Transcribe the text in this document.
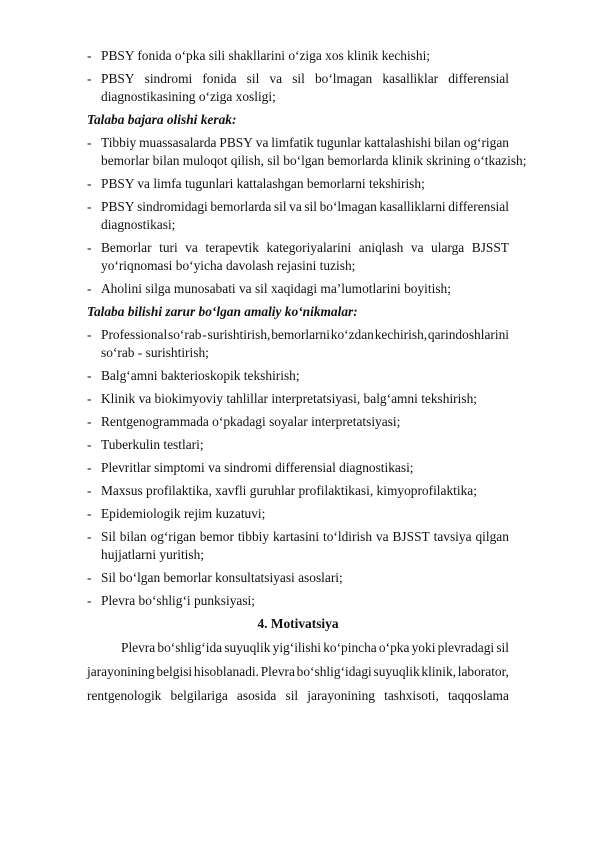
- PBSY fonida o‘pka sili shakllarini o‘ziga xos klinik kechishi;
- PBSY sindromi fonida sil va sil bo‘lmagan kasalliklar differensial
diagnostikasining o‘ziga xosligi;
Talaba bajara olishi kerak:
- Tibbiy muassasalarda PBSY va limfatik tugunlar kattalashishi bilan og‘rigan
bemorlar bilan muloqot qilish, sil bo‘lgan bemorlarda klinik skrining o‘tkazish;
- PBSY va limfa tugunlari kattalashgan bemorlarni tekshirish;
- PBSY sindromidagi bemorlarda sil va sil bo‘lmagan kasalliklarni differensial
diagnostikasi;
- Bemorlar turi va terapevtik kategoriyalarini aniqlash va ularga BJSST
yo‘riqnomasi bo‘yicha davolash rejasini tuzish;
- Aholini silga munosabati va sil xaqidagi ma’lumotlarini boyitish;
Talaba bilishi zarur bo‘lgan amaliy ko‘nikmalar:
- Professional so‘rab - surishtirish, bemorlarni ko‘zdan kechirish, qarindoshlarini
so‘rab - surishtirish;
- Balg‘amni bakterioskopik tekshirish;
- Klinik va biokimyoviy tahlillar interpretatsiyasi, balg‘amni tekshirish;
- Rentgenogrammada o‘pkadagi soyalar interpretatsiyasi;
- Tuberkulin testlari;
- Plevritlar simptomi va sindromi differensial diagnostikasi;
- Maxsus profilaktika, xavfli guruhlar profilaktikasi, kimyoprofilaktika;
- Epidemiologik rejim kuzatuvi;
- Sil bilan og‘rigan bemor tibbiy kartasini to‘ldirish va BJSST tavsiya qilgan
hujjatlarni yuritish;
- Sil bo‘lgan bemorlar konsultatsiyasi asoslari;
- Plevra bo‘shlig‘i punksiyasi;
4. Motivatsiya
Plevra bo‘shlig‘ida suyuqlik yig‘ilishi ko‘pincha o‘pka yoki plevradagi sil
jarayonining belgisi hisoblanadi. Plevra bo‘shlig‘idagi suyuqlik klinik, laborator,
rentgenologik belgilariga asosida sil jarayonining tashxisoti, taqqoslama
